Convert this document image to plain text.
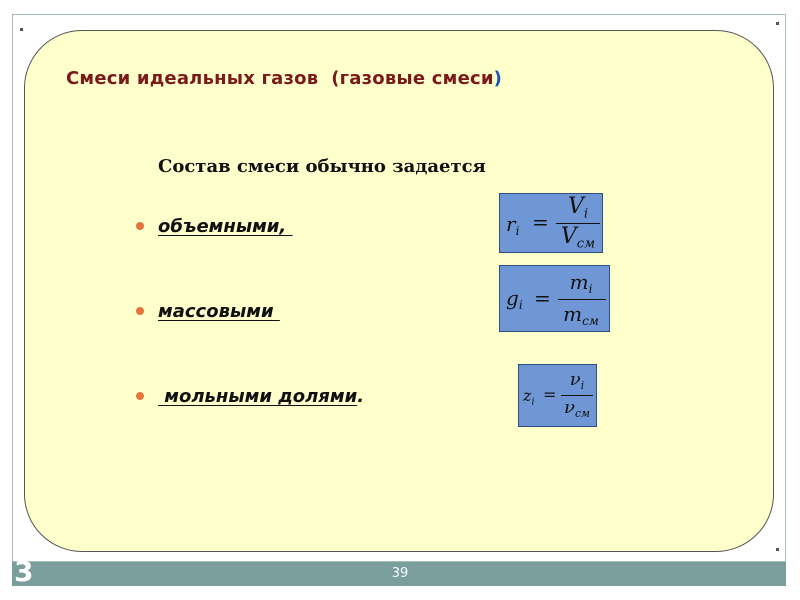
Смеси идеальных газов  (газовые смеси)
Состав смеси обычно задается
объемными,
массовыми
мольными долями.
$r_i$ =
$V_i$
$V_{см}$
$g_i$ =
$m_i$
$m_{см}$
$z_i$ =
$\nu_i$
$\nu_{см}$
3	39
